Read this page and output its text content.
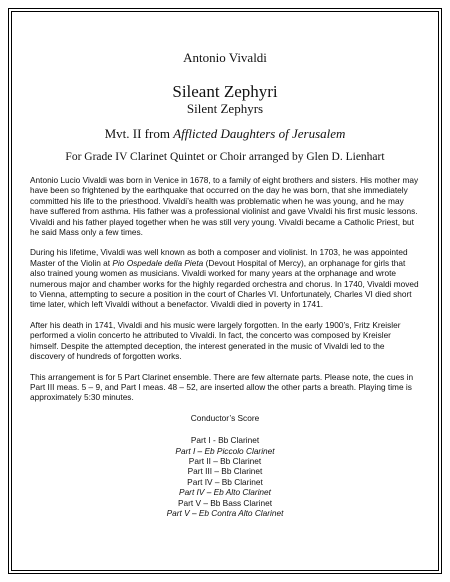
Antonio Vivaldi
Sileant Zephyri
Silent Zephyrs
Mvt. II from Afflicted Daughters of Jerusalem
For Grade IV Clarinet Quintet or Choir arranged by Glen D. Lienhart

Antonio Lucio Vivaldi was born in Venice in 1678, to a family of eight brothers and sisters. His mother may have been so frightened by the earthquake that occurred on the day he was born, that she immediately committed his life to the priesthood. Vivaldi’s health was problematic when he was young, and he may have suffered from asthma. His father was a professional violinist and gave Vivaldi his first music lessons. Vivaldi and his father played together when he was still very young. Vivaldi became a Catholic Priest, but he said Mass only a few times.

During his lifetime, Vivaldi was well known as both a composer and violinist. In 1703, he was appointed Master of the Violin at Pio Ospedale della Pieta (Devout Hospital of Mercy), an orphanage for girls that also trained young women as musicians. Vivaldi worked for many years at the orphanage and wrote numerous major and chamber works for the highly regarded orchestra and chorus. In 1740, Vivaldi moved to Vienna, attempting to secure a position in the court of Charles VI. Unfortunately, Charles VI died short time later, which left Vivaldi without a benefactor. Vivaldi died in poverty in 1741.

After his death in 1741, Vivaldi and his music were largely forgotten. In the early 1900’s, Fritz Kreisler performed a violin concerto he attributed to Vivaldi. In fact, the concerto was composed by Kreisler himself. Despite the attempted deception, the interest generated in the music of Vivaldi led to the discovery of hundreds of forgotten works.

This arrangement is for 5 Part Clarinet ensemble. There are few alternate parts. Please note, the cues in Part III meas. 5 – 9, and Part I meas. 48 – 52, are inserted allow the other parts a breath. Playing time is approximately 5:30 minutes.

Conductor’s Score
Part I - Bb Clarinet
Part I – Eb Piccolo Clarinet
Part II – Bb Clarinet
Part III – Bb Clarinet
Part IV – Bb Clarinet
Part IV – Eb Alto Clarinet
Part V – Bb Bass Clarinet
Part V – Eb Contra Alto Clarinet
